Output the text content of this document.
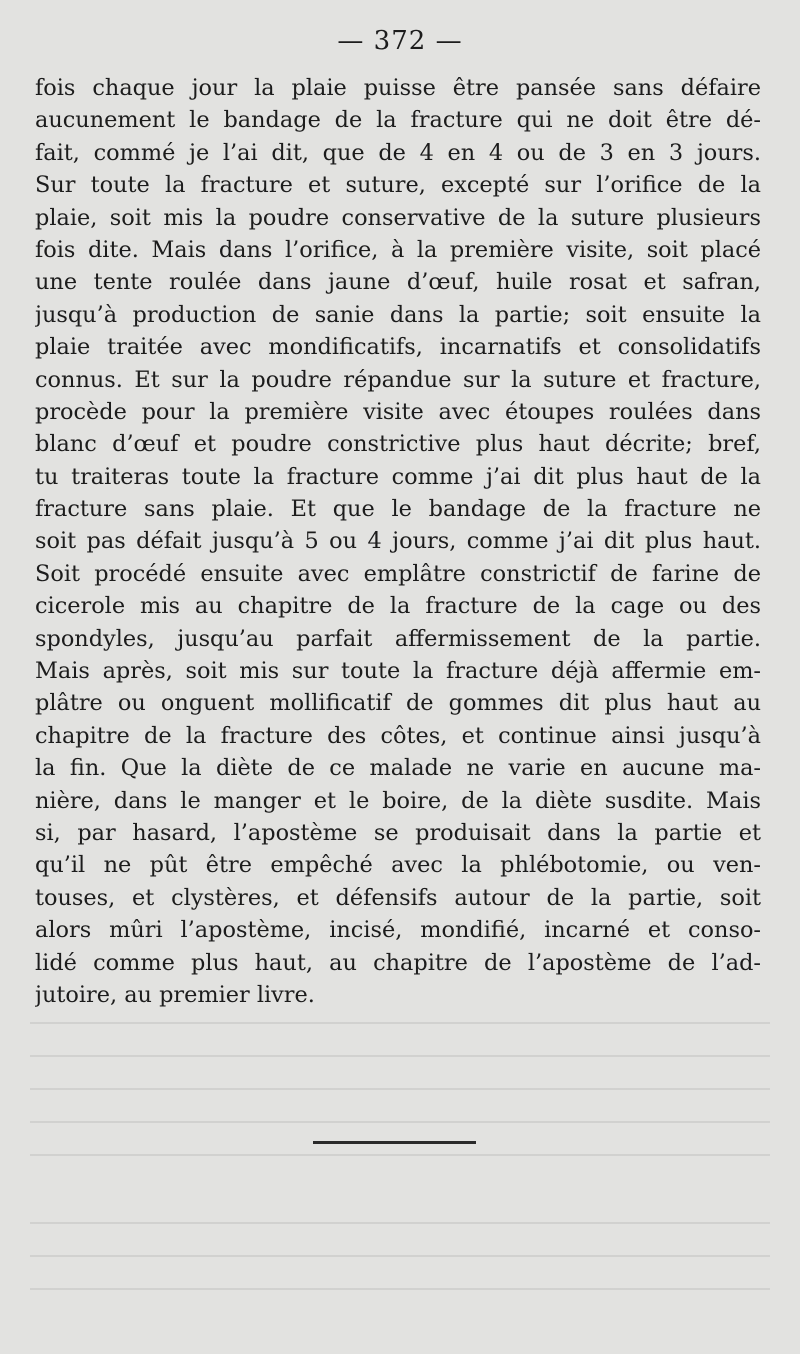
— 372 —
fois chaque jour la plaie puisse être pansée sans défaire
aucunement le bandage de la fracture qui ne doit être dé-
fait, commé je l’ai dit, que de 4 en 4 ou de 3 en 3 jours.
Sur toute la fracture et suture, excepté sur l’orifice de la
plaie, soit mis la poudre conservative de la suture plusieurs
fois dite. Mais dans l’orifice, à la première visite, soit placé
une tente roulée dans jaune d’œuf, huile rosat et safran,
jusqu’à production de sanie dans la partie; soit ensuite la
plaie traitée avec mondificatifs, incarnatifs et consolidatifs
connus. Et sur la poudre répandue sur la suture et fracture,
procède pour la première visite avec étoupes roulées dans
blanc d’œuf et poudre constrictive plus haut décrite; bref,
tu traiteras toute la fracture comme j’ai dit plus haut de la
fracture sans plaie. Et que le bandage de la fracture ne
soit pas défait jusqu’à 5 ou 4 jours, comme j’ai dit plus haut.
Soit procédé ensuite avec emplâtre constrictif de farine de
cicerole mis au chapitre de la fracture de la cage ou des
spondyles, jusqu’au parfait affermissement de la partie.
Mais après, soit mis sur toute la fracture déjà affermie em-
plâtre ou onguent mollificatif de gommes dit plus haut au
chapitre de la fracture des côtes, et continue ainsi jusqu’à
la fin. Que la diète de ce malade ne varie en aucune ma-
nière, dans le manger et le boire, de la diète susdite. Mais
si, par hasard, l’apostème se produisait dans la partie et
qu’il ne pût être empêché avec la phlébotomie, ou ven-
touses, et clystères, et défensifs autour de la partie, soit
alors mûri l’apostème, incisé, mondifié, incarné et conso-
lidé comme plus haut, au chapitre de l’apostème de l’ad-
jutoire, au premier livre.
